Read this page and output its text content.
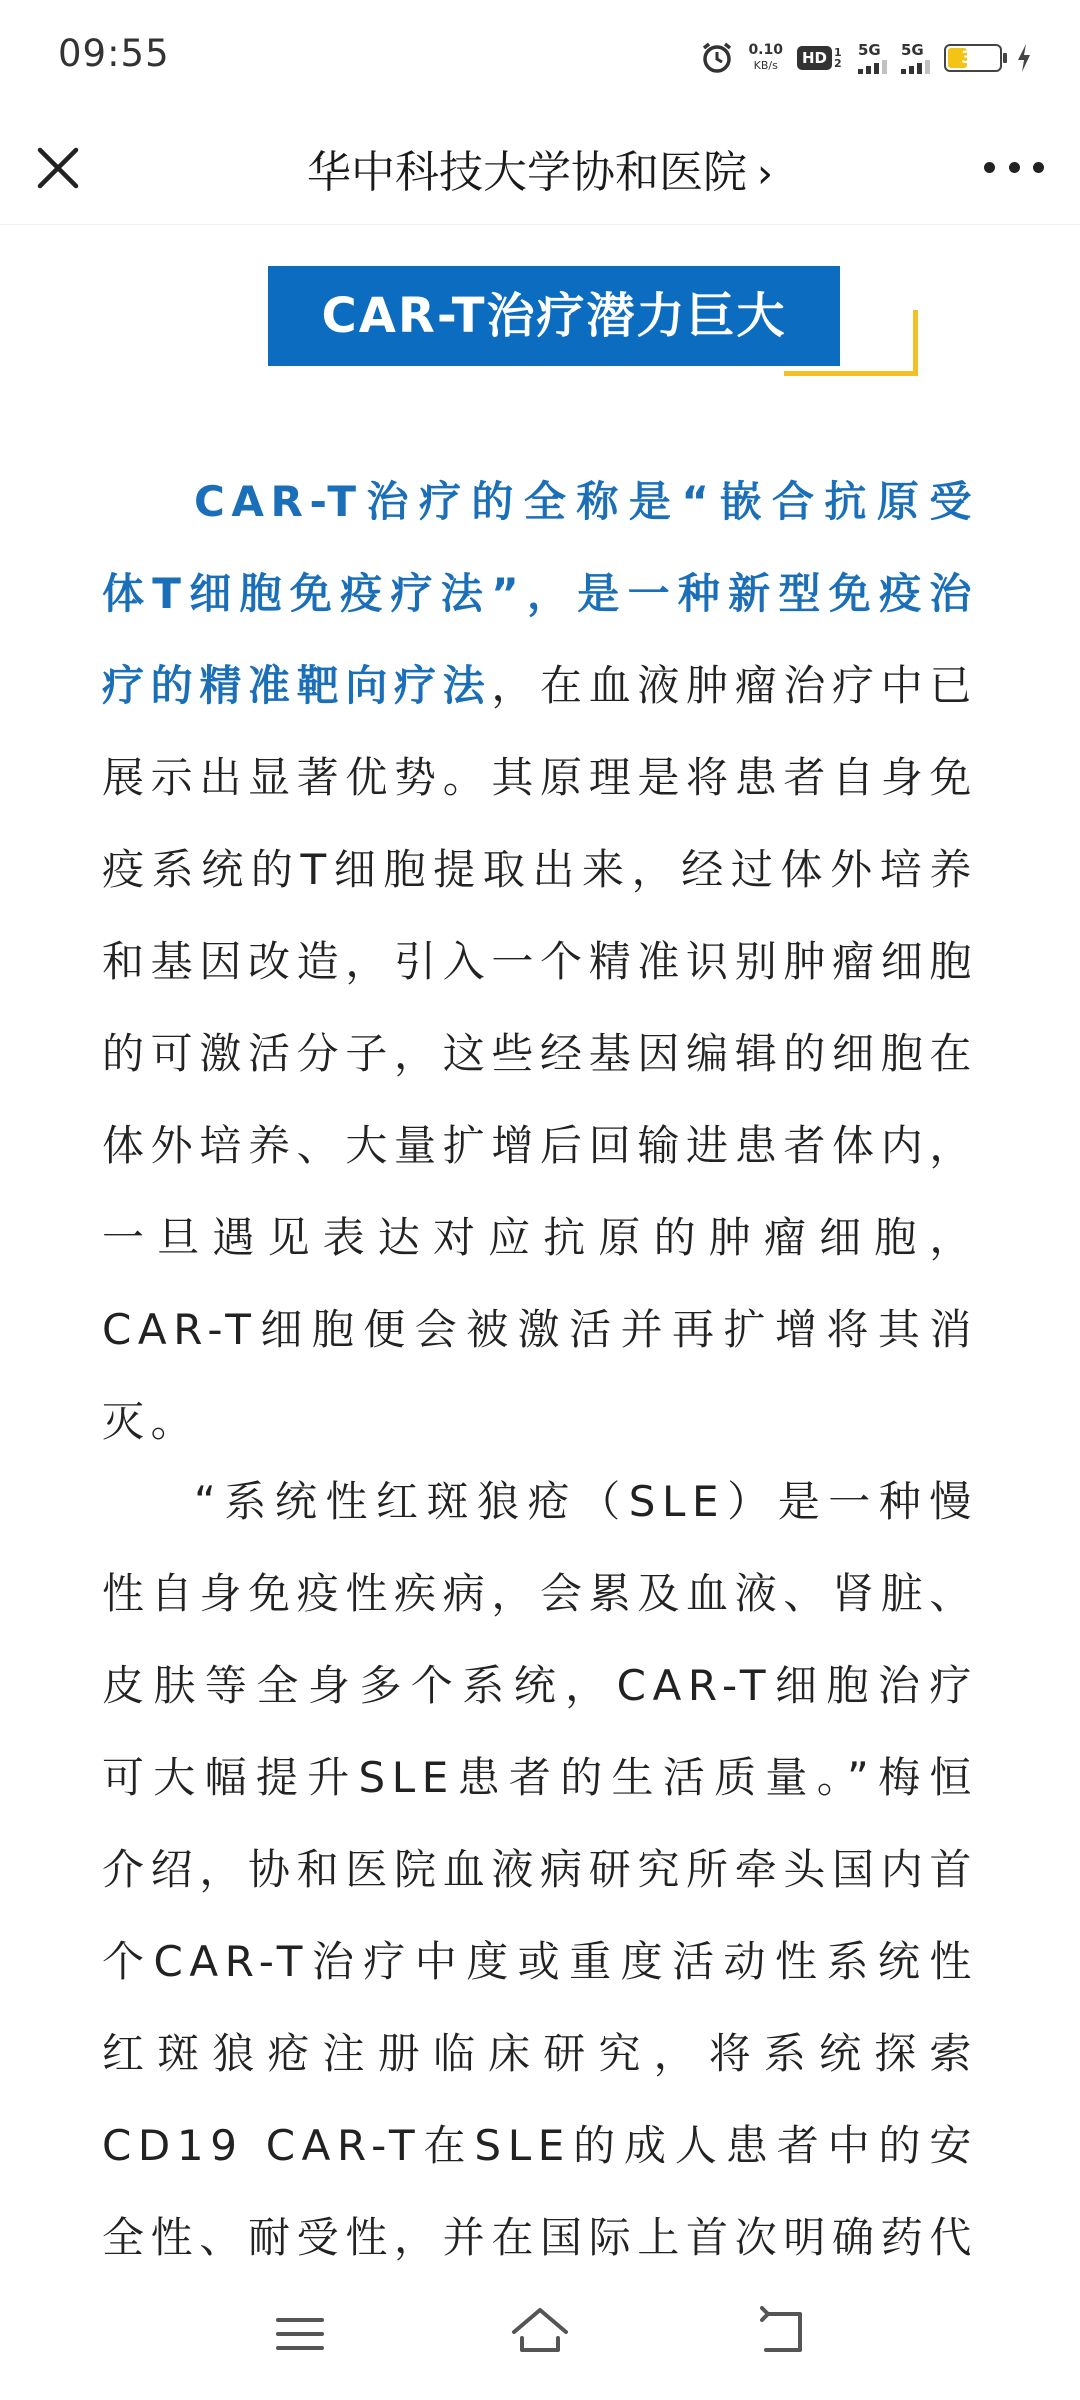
09:55	0.10
KB/s	HD 1 2
5G 5G	35
华中科技大学协和医院 ›
CAR-T治疗潜力巨大

CAR-T治疗的全称是“嵌合抗原受体T细胞免疫疗法”，是一种新型免疫治疗的精准靶向疗法，在血液肿瘤治疗中已展示出显著优势。其原理是将患者自身免疫系统的T细胞提取出来，经过体外培养和基因改造，引入一个精准识别肿瘤细胞的可激活分子，这些经基因编辑的细胞在体外培养、大量扩增后回输进患者体内，一旦遇见表达对应抗原的肿瘤细胞，CAR-T细胞便会被激活并再扩增将其消灭。

“系统性红斑狼疮（SLE）是一种慢性自身免疫性疾病，会累及血液、肾脏、皮肤等全身多个系统，CAR-T细胞治疗可大幅提升SLE患者的生活质量。”梅恒介绍，协和医院血液病研究所牵头国内首个CAR-T治疗中度或重度活动性系统性红斑狼疮注册临床研究，将系统探索CD19 CAR-T在SLE的成人患者中的安全性、耐受性，并在国际上首次明确药代
